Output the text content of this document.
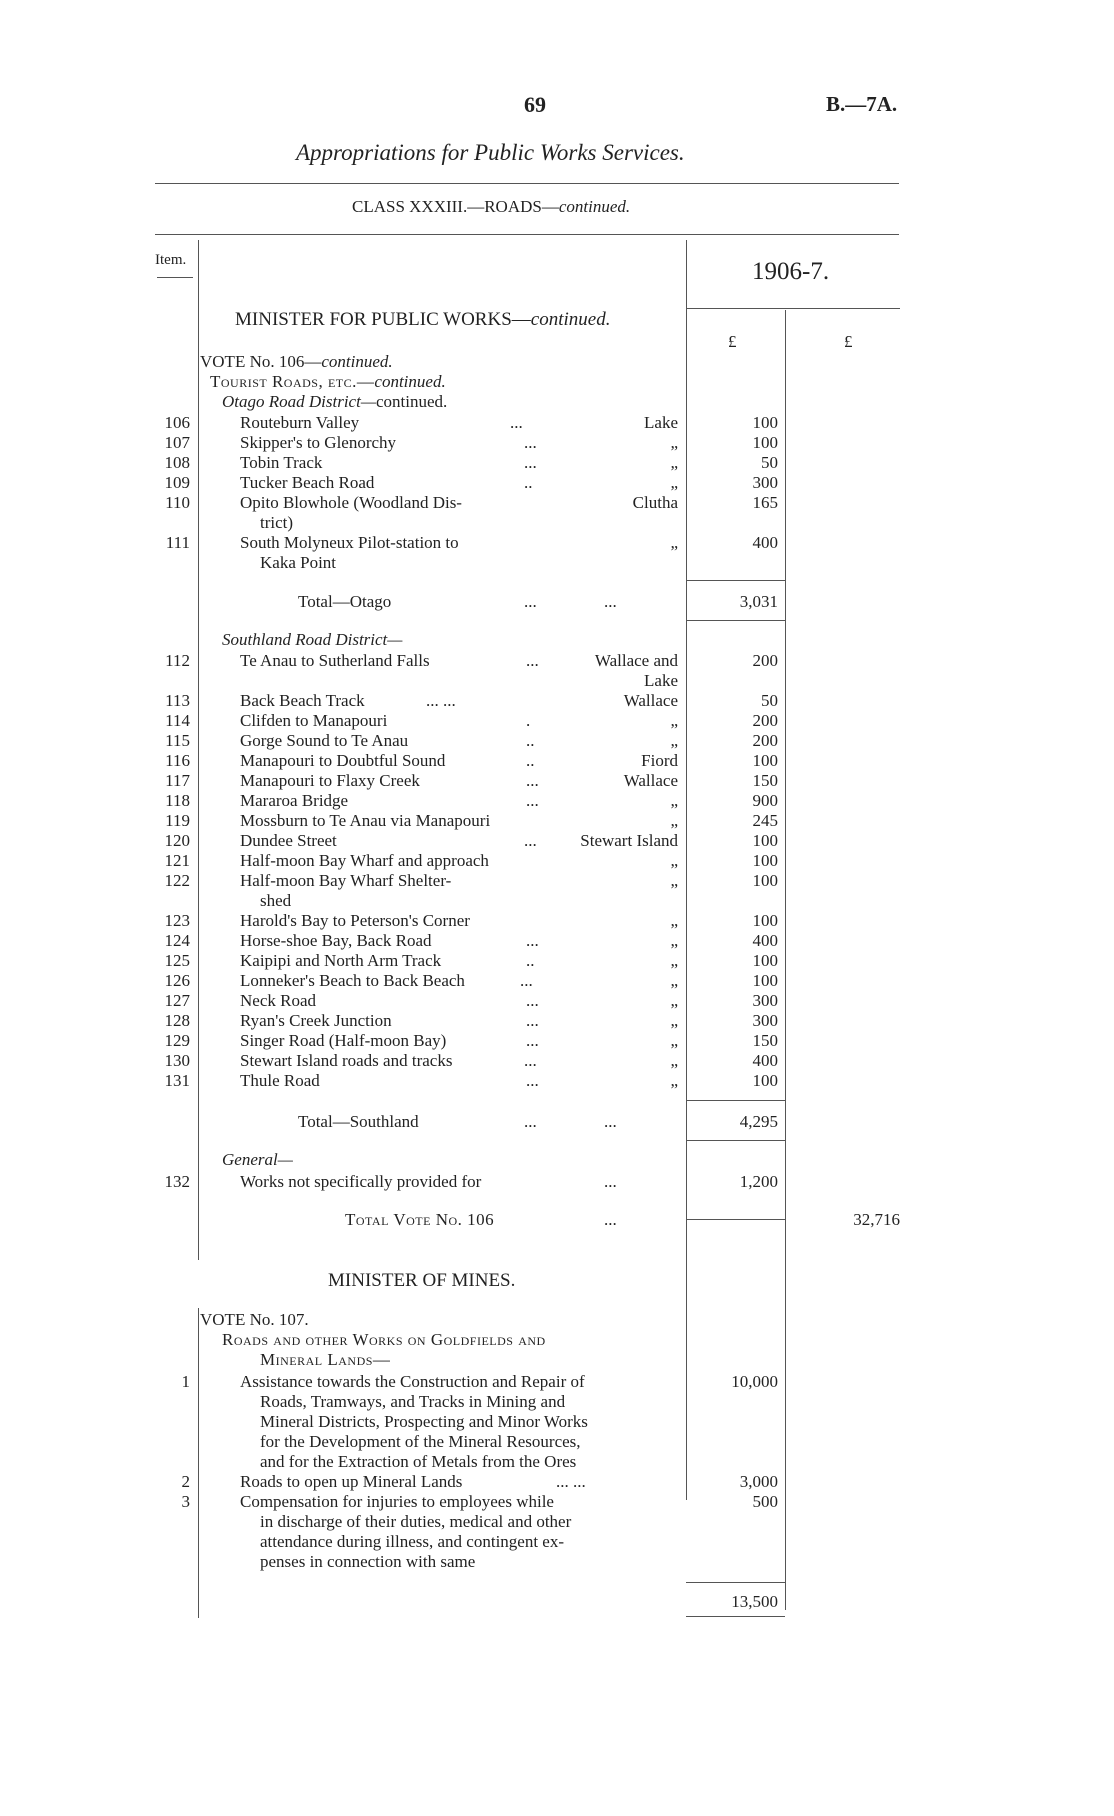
69	B.—7A.
Appropriations for Public Works Services.
CLASS XXXIII.—ROADS—continued.
Item.	1906-7.
£	£
MINISTER FOR PUBLIC WORKS—continued.
VOTE No. 106—continued.
Tourist Roads, etc.—continued.
Otago Road District—continued.
106	Routeburn Valley	...	Lake	100
107	Skipper's to Glenorchy	...	„	100
108	Tobin Track	...	„	50
109	Tucker Beach Road	..	„	300
110	Opito Blowhole (Woodland Dis-	Clutha	165
trict)
111	South Molyneux Pilot-station to	„	400
Kaka Point
Total—Otago	...	...	3,031
Southland Road District—
112	Te Anau to Sutherland Falls	...	Wallace and	200
Lake
113	Back Beach Track	... ...	Wallace	50
114	Clifden to Manapouri	.	„	200
115	Gorge Sound to Te Anau	..	„	200
116	Manapouri to Doubtful Sound	..	Fiord	100
117	Manapouri to Flaxy Creek	...	Wallace	150
118	Mararoa Bridge	...	„	900
119	Mossburn to Te Anau via Manapouri	„	245
120	Dundee Street	...	Stewart Island	100
121	Half-moon Bay Wharf and approach	„	100
122	Half-moon Bay Wharf Shelter-	„	100
shed
123	Harold's Bay to Peterson's Corner	„	100
124	Horse-shoe Bay, Back Road	...	„	400
125	Kaipipi and North Arm Track	..	„	100
126	Lonneker's Beach to Back Beach	...	„	100
127	Neck Road	...	„	300
128	Ryan's Creek Junction	...	„	300
129	Singer Road (Half-moon Bay)	...	„	150
130	Stewart Island roads and tracks	...	„	400
131	Thule Road	...	„	100
Total—Southland	...	...	4,295
General—
132	Works not specifically provided for	...	1,200
Total Vote No. 106	...	32,716
MINISTER OF MINES.
VOTE No. 107.
Roads and other Works on Goldfields and
Mineral Lands—
1	Assistance towards the Construction and Repair of	10,000
Roads, Tramways, and Tracks in Mining and
Mineral Districts, Prospecting and Minor Works
for the Development of the Mineral Resources,
and for the Extraction of Metals from the Ores
2	Roads to open up Mineral Lands	... ...	3,000
3	Compensation for injuries to employees while	500
in discharge of their duties, medical and other
attendance during illness, and contingent ex-
penses in connection with same
13,500
